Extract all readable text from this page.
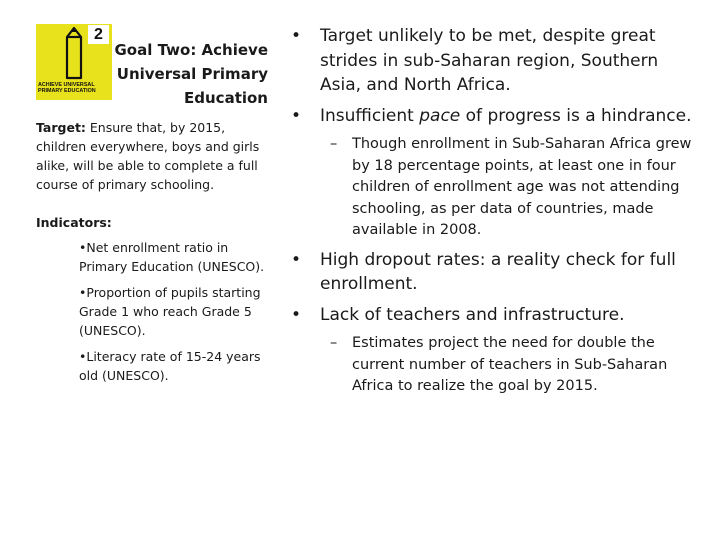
2
ACHIEVE UNIVERSAL
PRIMARY EDUCATION
Goal Two: Achieve
Universal Primary
Education
Target: Ensure that, by 2015, children everywhere, boys and girls alike, will be able to complete a full course of primary schooling.
Indicators:
•Net enrollment ratio in Primary Education (UNESCO).
•Proportion of pupils starting Grade 1 who reach Grade 5 (UNESCO).
•Literacy rate of 15-24 years old (UNESCO).
• Target unlikely to be met, despite great strides in sub-Saharan region, Southern Asia, and North Africa.
• Insufficient pace of progress is a hindrance.
– Though enrollment in Sub-Saharan Africa grew by 18 percentage points, at least one in four children of enrollment age was not attending schooling, as per data of countries, made available in 2008.
• High dropout rates: a reality check for full enrollment.
• Lack of teachers and infrastructure.
– Estimates project the need for double the current number of teachers in Sub-Saharan Africa to realize the goal by 2015.
